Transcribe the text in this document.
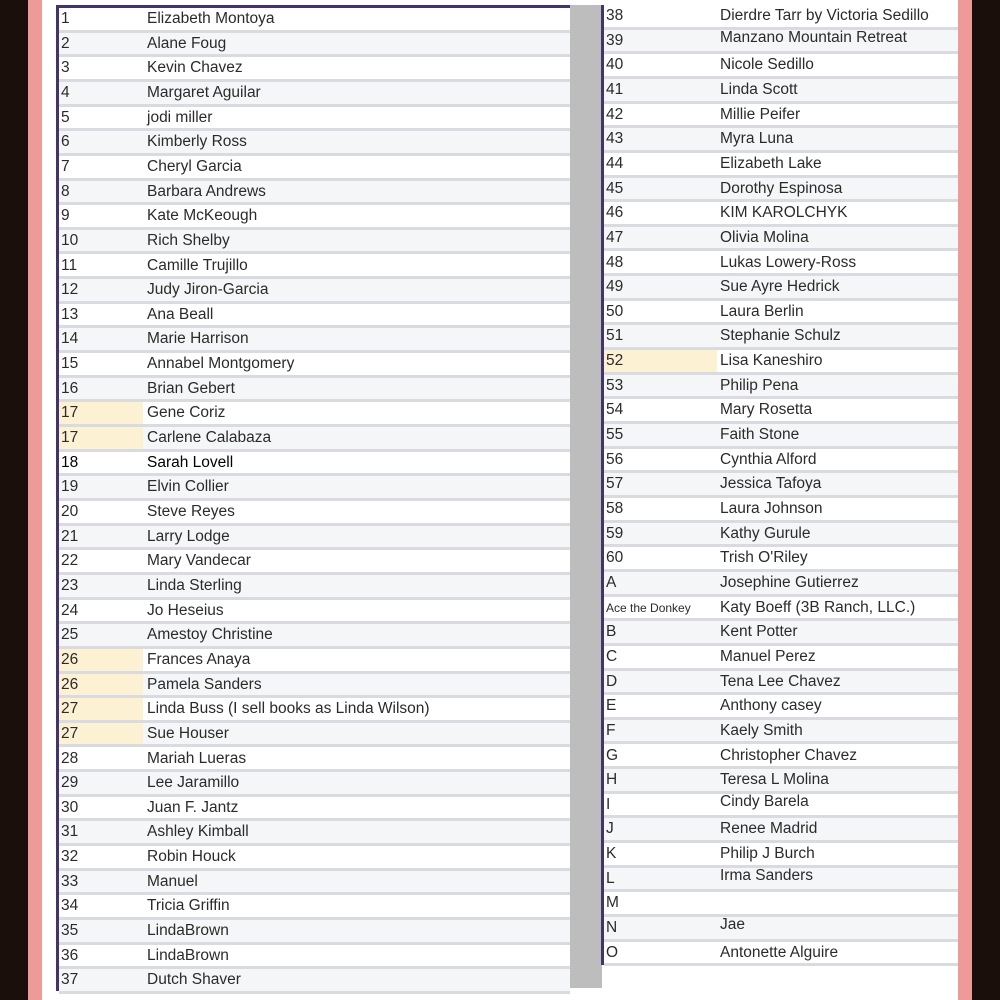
1	Elizabeth Montoya
2	Alane Foug
3	Kevin Chavez
4	Margaret Aguilar
5	jodi miller
6	Kimberly Ross
7	Cheryl Garcia
8	Barbara Andrews
9	Kate McKeough
10	Rich Shelby
11	Camille Trujillo
12	Judy Jiron-Garcia
13	Ana Beall
14	Marie Harrison
15	Annabel Montgomery
16	Brian Gebert
17	Gene Coriz
17	Carlene Calabaza
18	Sarah Lovell
19	Elvin Collier
20	Steve Reyes
21	Larry Lodge
22	Mary Vandecar
23	Linda Sterling
24	Jo Heseius
25	Amestoy Christine
26	Frances Anaya
26	Pamela Sanders
27	Linda Buss (I sell books as Linda Wilson)
27	Sue Houser
28	Mariah Lueras
29	Lee Jaramillo
30	Juan F. Jantz
31	Ashley Kimball
32	Robin Houck
33	Manuel
34	Tricia Griffin
35	LindaBrown
36	LindaBrown
37	Dutch Shaver
38	Dierdre Tarr by Victoria Sedillo
39	Manzano Mountain Retreat
40	Nicole Sedillo
41	Linda Scott
42	Millie Peifer
43	Myra Luna
44	Elizabeth Lake
45	Dorothy Espinosa
46	KIM KAROLCHYK
47	Olivia Molina
48	Lukas Lowery-Ross
49	Sue Ayre Hedrick
50	Laura Berlin
51	Stephanie Schulz
52	Lisa Kaneshiro
53	Philip Pena
54	Mary Rosetta
55	Faith Stone
56	Cynthia Alford
57	Jessica Tafoya
58	Laura Johnson
59	Kathy Gurule
60	Trish O'Riley
A	Josephine Gutierrez
Ace the Donkey	Katy Boeff (3B Ranch, LLC.)
B	Kent Potter
C	Manuel Perez
D	Tena Lee Chavez
E	Anthony casey
F	Kaely Smith
G	Christopher Chavez
H	Teresa L Molina
I	Cindy Barela
J	Renee Madrid
K	Philip J Burch
L	Irma Sanders
M
N	Jae
O	Antonette Alguire
